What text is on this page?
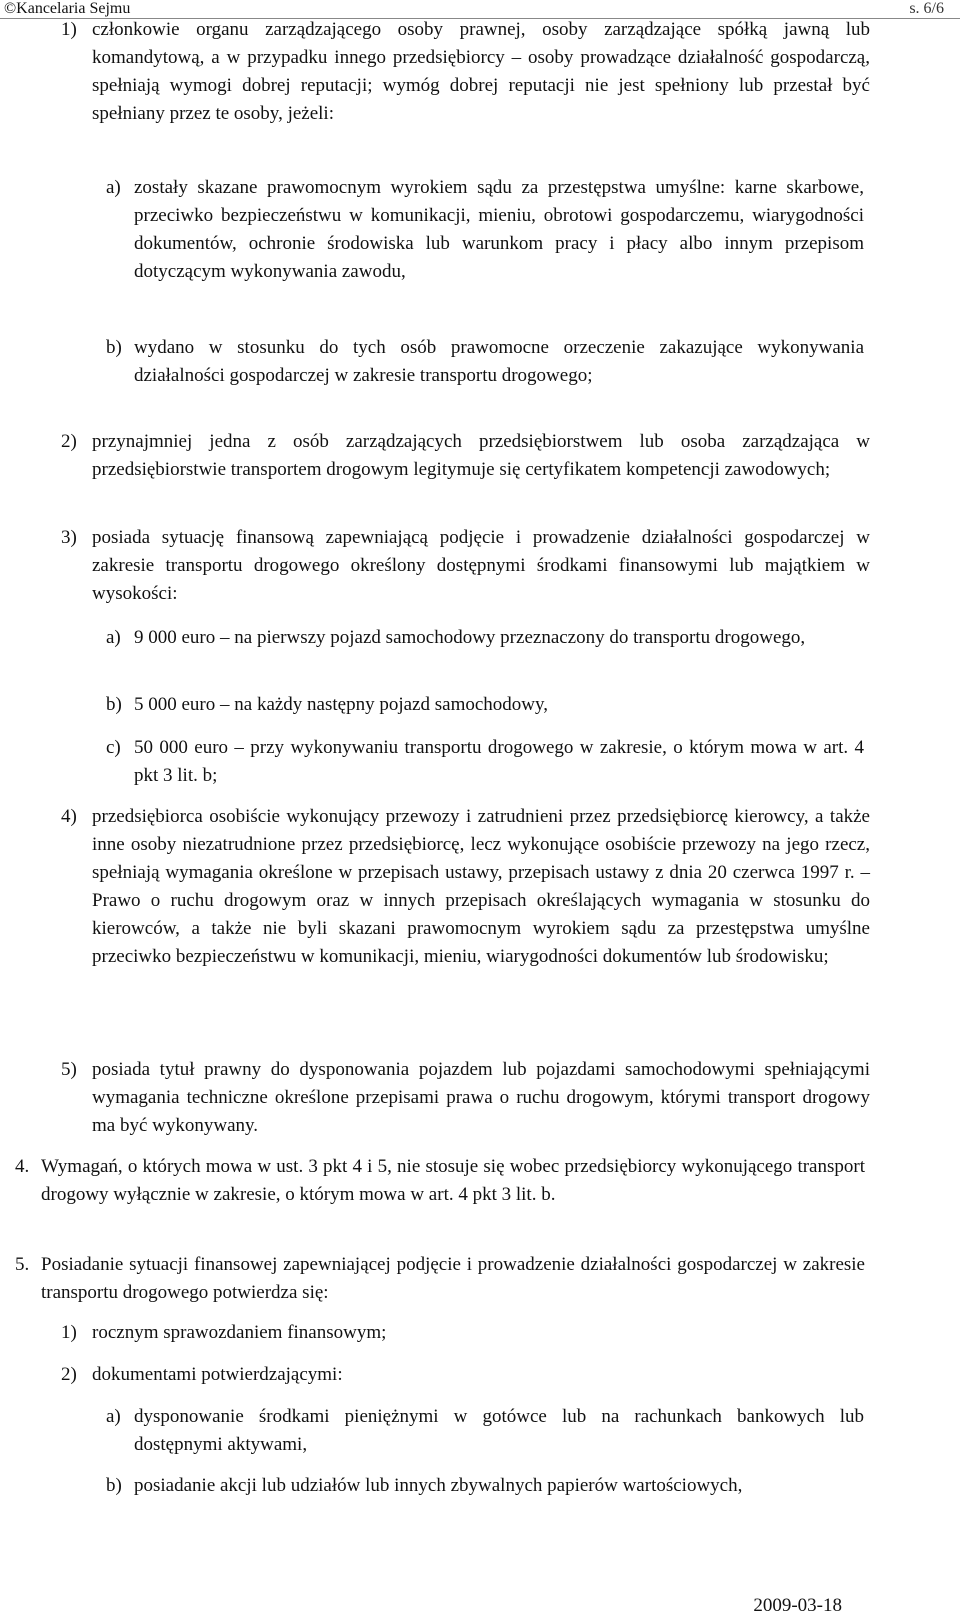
©Kancelaria Sejmu	s. 6/6
1) członkowie organu zarządzającego osoby prawnej, osoby zarządzające spółką jawną lub komandytową, a w przypadku innego przedsiębiorcy – osoby prowadzące działalność gospodarczą, spełniają wymogi dobrej reputacji; wymóg dobrej reputacji nie jest spełniony lub przestał być spełniany przez te osoby, jeżeli:
a) zostały skazane prawomocnym wyrokiem sądu za przestępstwa umyślne: karne skarbowe, przeciwko bezpieczeństwu w komunikacji, mieniu, obrotowi gospodarczemu, wiarygodności dokumentów, ochronie środowiska lub warunkom pracy i płacy albo innym przepisom dotyczącym wykonywania zawodu,
b) wydano w stosunku do tych osób prawomocne orzeczenie zakazujące wykonywania działalności gospodarczej w zakresie transportu drogowego;
2) przynajmniej jedna z osób zarządzających przedsiębiorstwem lub osoba zarządzająca w przedsiębiorstwie transportem drogowym legitymuje się certyfikatem kompetencji zawodowych;
3) posiada sytuację finansową zapewniającą podjęcie i prowadzenie działalności gospodarczej w zakresie transportu drogowego określony dostępnymi środkami finansowymi lub majątkiem w wysokości:
a) 9 000 euro – na pierwszy pojazd samochodowy przeznaczony do transportu drogowego,
b) 5 000 euro – na każdy następny pojazd samochodowy,
c) 50 000 euro – przy wykonywaniu transportu drogowego w zakresie, o którym mowa w art. 4 pkt 3 lit. b;
4) przedsiębiorca osobiście wykonujący przewozy i zatrudnieni przez przedsiębiorcę kierowcy, a także inne osoby niezatrudnione przez przedsiębiorcę, lecz wykonujące osobiście przewozy na jego rzecz, spełniają wymagania określone w przepisach ustawy, przepisach ustawy z dnia 20 czerwca 1997 r. – Prawo o ruchu drogowym oraz w innych przepisach określających wymagania w stosunku do kierowców, a także nie byli skazani prawomocnym wyrokiem sądu za przestępstwa umyślne przeciwko bezpieczeństwu w komunikacji, mieniu, wiarygodności dokumentów lub środowisku;
5) posiada tytuł prawny do dysponowania pojazdem lub pojazdami samochodowymi spełniającymi wymagania techniczne określone przepisami prawa o ruchu drogowym, którymi transport drogowy ma być wykonywany.
4. Wymagań, o których mowa w ust. 3 pkt 4 i 5, nie stosuje się wobec przedsiębiorcy wykonującego transport drogowy wyłącznie w zakresie, o którym mowa w art. 4 pkt 3 lit. b.
5. Posiadanie sytuacji finansowej zapewniającej podjęcie i prowadzenie działalności gospodarczej w zakresie transportu drogowego potwierdza się:
1) rocznym sprawozdaniem finansowym;
2) dokumentami potwierdzającymi:
a) dysponowanie środkami pieniężnymi w gotówce lub na rachunkach bankowych lub dostępnymi aktywami,
b) posiadanie akcji lub udziałów lub innych zbywalnych papierów wartościowych,
2009-03-18
